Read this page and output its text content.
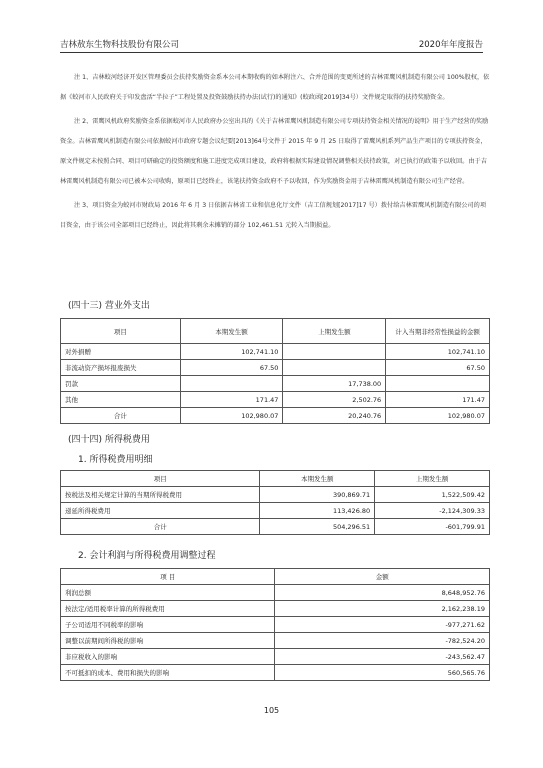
吉林敖东生物科技股份有限公司	2020年年度报告

注 1、吉林蛟河经济开发区管理委员会扶持奖励资金系本公司本期收购的如本附注六、合并范围的变更所述的吉林雷鹰风机制造有限公司 100%股权，依据《蛟河市人民政府关于印发盘活“半拉子”工程处置及投资鼓励扶持办法(试行)的通知》(蛟政函[2019]34号）文件规定取得的扶持奖励资金。

注 2、雷鹰风机政府奖励资金系依据蛟河市人民政府办公室出具的《关于吉林雷鹰风机制造有限公司专项扶持资金相关情况的说明》用于生产经营的奖励资金。吉林雷鹰风机制造有限公司依据蛟河市政府专题会议纪要[2013]64号文件于 2015 年 9 月 25 日取得了雷鹰风机系列产品生产项目的专项扶持资金，原文件规定未按照合同、项目可研确定的投资额度和施工进度完成项目建设，政府将根据实际建设情况调整相关扶持政策，对已执行的政策予以收回。由于吉林雷鹰风机制造有限公司已被本公司收购，原项目已经终止，该笔扶持资金政府不予以收回，作为奖励资金用于吉林雷鹰风机制造有限公司生产经营。

注 3、项目资金为蛟河市财政局 2016 年 6 月 3 日依据吉林省工业和信息化厅文件（吉工信规划[2017]17 号）拨付给吉林雷鹰风机制造有限公司的项目资金，由于该公司全部项目已经终止，因此将其剩余未摊销的部分 102,461.51 元转入当期损益。

(四十三) 营业外支出
项目	本期发生额	上期发生额	计入当期非经常性损益的金额
对外捐赠	102,741.10		102,741.10
非流动资产损坏报废损失	67.50		67.50
罚款		17,738.00	
其他	171.47	2,502.76	171.47
合计	102,980.07	20,240.76	102,980.07
(四十四) 所得税费用
1. 所得税费用明细
项目	本期发生额	上期发生额
按税法及相关规定计算的当期所得税费用	390,869.71	1,522,509.42
递延所得税费用	113,426.80	-2,124,309.33
合计	504,296.51	-601,799.91
2. 会计利润与所得税费用调整过程
项 目	金额
利润总额	8,648,952.76
按法定/适用税率计算的所得税费用	2,162,238.19
子公司适用不同税率的影响	-977,271.62
调整以前期间所得税的影响	-782,524.20
非应税收入的影响	-243,562.47
不可抵扣的成本、费用和损失的影响	560,565.76
105
